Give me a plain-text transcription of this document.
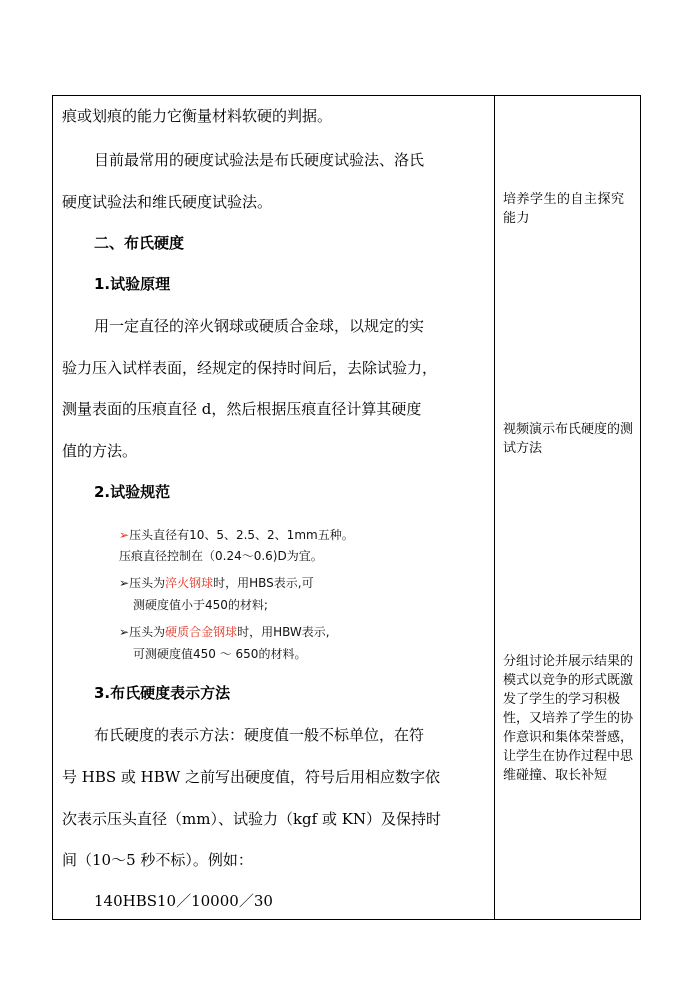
痕或划痕的能力它衡量材料软硬的判据。
目前最常用的硬度试验法是布氏硬度试验法、洛氏
硬度试验法和维氏硬度试验法。
二、布氏硬度
1.试验原理
用一定直径的淬火钢球或硬质合金球，以规定的实
验力压入试样表面，经规定的保持时间后，去除试验力，
测量表面的压痕直径 d，然后根据压痕直径计算其硬度
值的方法。
2.试验规范
➢压头直径有10、5、2.5、2、1mm五种。
压痕直径控制在（0.24～0.6)D为宜。
➢压头为淬火钢球时，用HBS表示,可
测硬度值小于450的材料;
➢压头为硬质合金钢球时，用HBW表示,
可测硬度值450 ～ 650的材料。
3.布氏硬度表示方法
布氏硬度的表示方法：硬度值一般不标单位，在符
号 HBS 或 HBW 之前写出硬度值，符号后用相应数字依
次表示压头直径（mm）、试验力（kgf 或 KN）及保持时
间（10～5 秒不标）。例如：
140HBS10／10000／30
培养学生的自主探究能力
视频演示布氏硬度的测试方法
分组讨论并展示结果的模式以竞争的形式既激发了学生的学习积极性，又培养了学生的协作意识和集体荣誉感，让学生在协作过程中思维碰撞、取长补短
